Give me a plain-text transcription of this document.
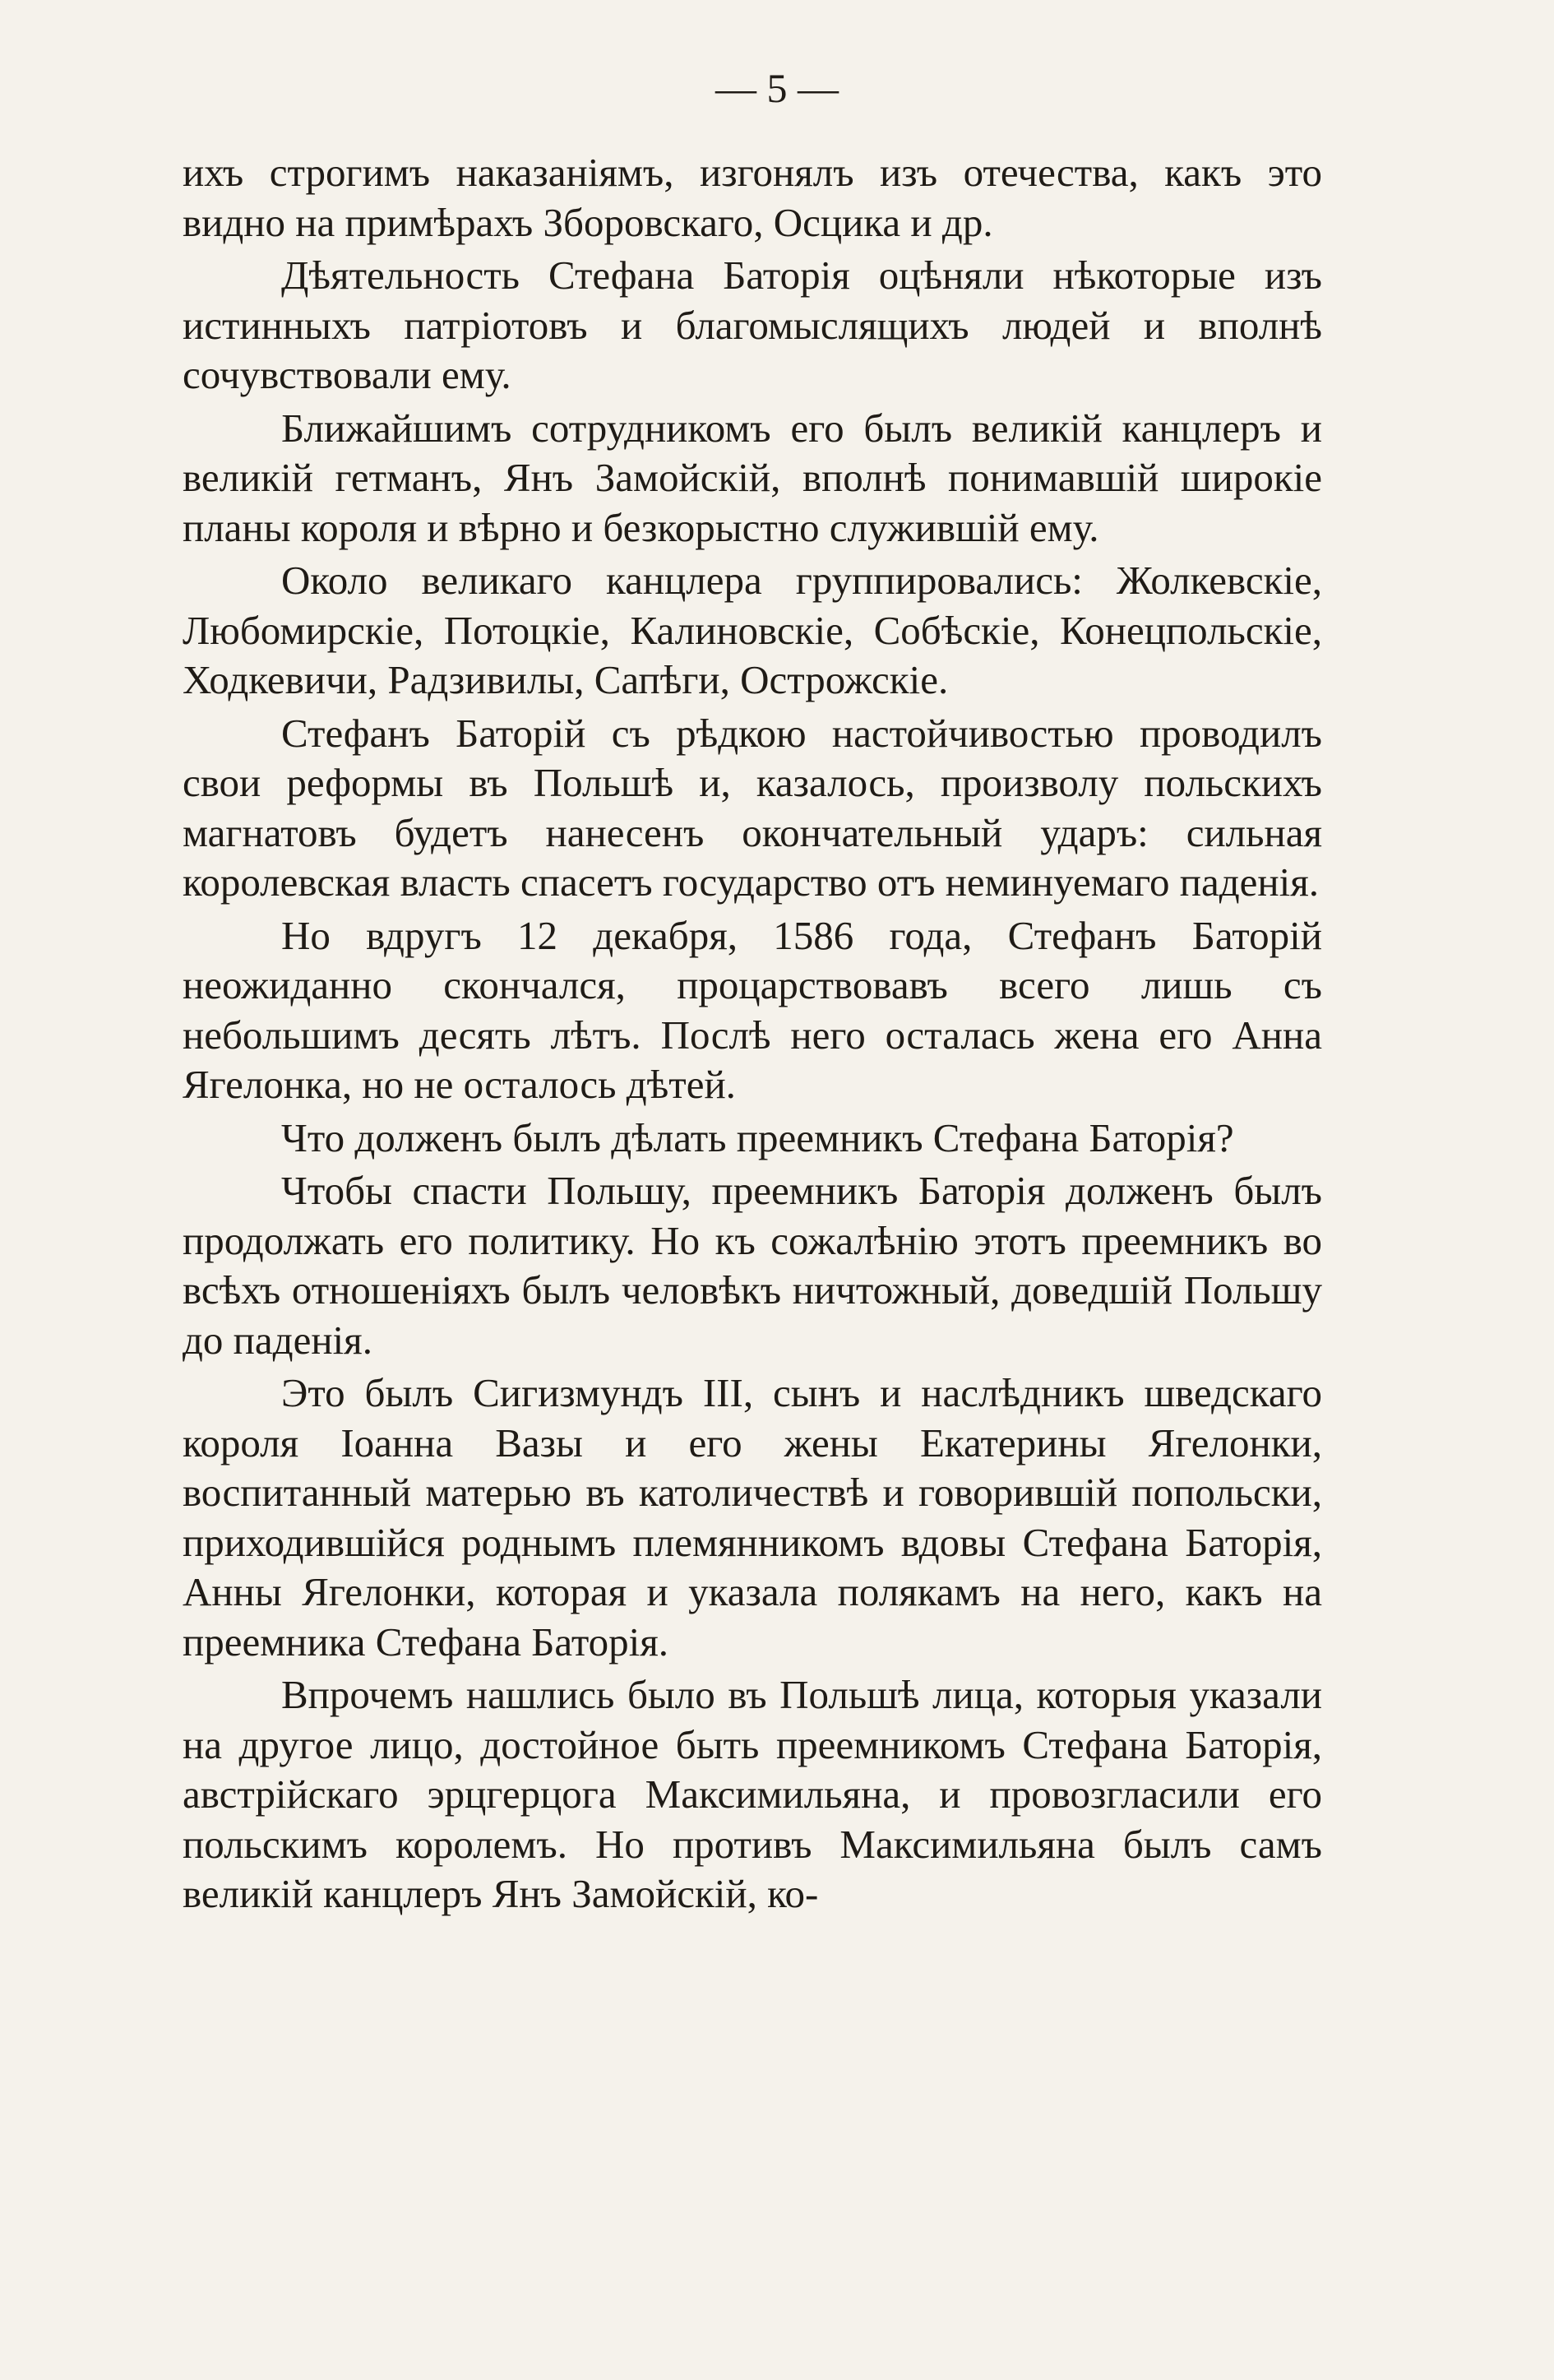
— 5 —

ихъ строгимъ наказаніямъ, изгонялъ изъ отечества, какъ это видно на примѣрахъ Зборовскаго, Осцика и др.

Дѣятельность Стефана Баторія оцѣняли нѣкоторые изъ истинныхъ патріотовъ и благомыслящихъ людей и вполнѣ сочувствовали ему.

Ближайшимъ сотрудникомъ его былъ великій канцлеръ и великій гетманъ, Янъ Замойскій, вполнѣ понимавшій широкіе планы короля и вѣрно и безкорыстно служившій ему.

Около великаго канцлера группировались: Жолкевскіе, Любомирскіе, Потоцкіе, Калиновскіе, Собѣскіе, Конецпольскіе, Ходкевичи, Радзивилы, Сапѣги, Острожскіе.

Стефанъ Баторій съ рѣдкою настойчивостью проводилъ свои реформы въ Польшѣ и, казалось, произволу польскихъ магнатовъ будетъ нанесенъ окончательный ударъ: сильная королевская власть спасетъ государство отъ неминуемаго паденія.

Но вдругъ 12 декабря, 1586 года, Стефанъ Баторій неожиданно скончался, процарствовавъ всего лишь съ небольшимъ десять лѣтъ. Послѣ него осталась жена его Анна Ягелонка, но не осталось дѣтей.

Что долженъ былъ дѣлать преемникъ Стефана Баторія?

Чтобы спасти Польшу, преемникъ Баторія долженъ былъ продолжать его политику. Но къ сожалѣнію этотъ преемникъ во всѣхъ отношеніяхъ былъ человѣкъ ничтожный, доведшій Польшу до паденія.

Это былъ Сигизмундъ III, сынъ и наслѣдникъ шведскаго короля Іоанна Вазы и его жены Екатерины Ягелонки, воспитанный матерью въ католичествѣ и говорившій попольски, приходившійся роднымъ племянникомъ вдовы Стефана Баторія, Анны Ягелонки, которая и указала полякамъ на него, какъ на преемника Стефана Баторія.

Впрочемъ нашлись было въ Польшѣ лица, которыя указали на другое лицо, достойное быть преемникомъ Стефана Баторія, австрійскаго эрцгерцога Максимильяна, и провозгласили его польскимъ королемъ. Но противъ Максимильяна былъ самъ великій канцлеръ Янъ Замойскій, ко-
